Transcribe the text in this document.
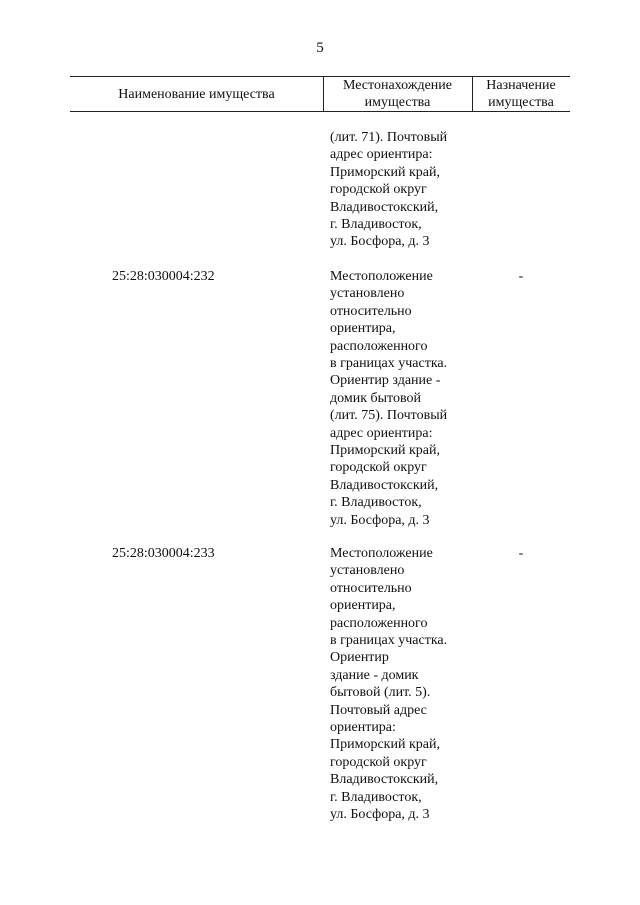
5
Наименование имущества
Местонахождение
имущества
Назначение
имущества
(лит. 71). Почтовый
адрес ориентира:
Приморский край,
городской округ
Владивостокский,
г. Владивосток,
ул. Босфора, д. 3
25:28:030004:232	Местоположение
установлено
относительно
ориентира,
расположенного
в границах участка.
Ориентир здание -
домик бытовой
(лит. 75). Почтовый
адрес ориентира:
Приморский край,
городской округ
Владивостокский,
г. Владивосток,
ул. Босфора, д. 3
-
25:28:030004:233	Местоположение
установлено
относительно
ориентира,
расположенного
в границах участка.
Ориентир
здание - домик
бытовой (лит. 5).
Почтовый адрес
ориентира:
Приморский край,
городской округ
Владивостокский,
г. Владивосток,
ул. Босфора, д. 3
-
